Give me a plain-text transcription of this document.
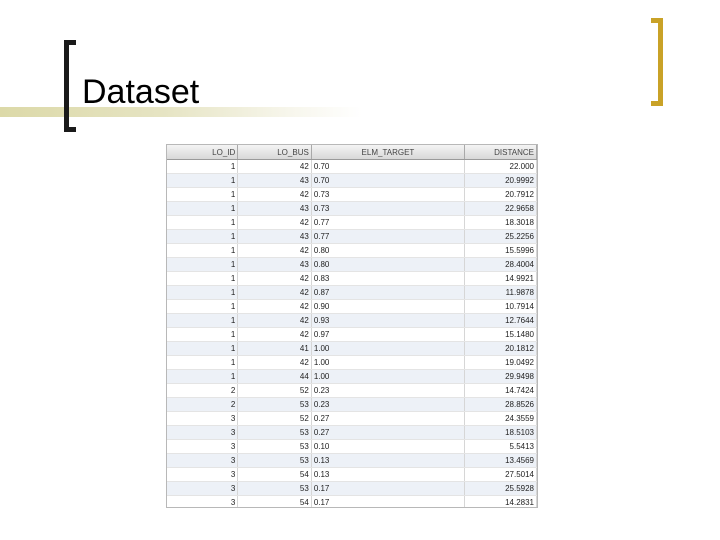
Dataset
LO_ID	LO_BUS	ELM_TARGET	DISTANCE
1	42	0.70	22.000
1	43	0.70	20.9992
1	42	0.73	20.7912
1	43	0.73	22.9658
1	42	0.77	18.3018
1	43	0.77	25.2256
1	42	0.80	15.5996
1	43	0.80	28.4004
1	42	0.83	14.9921
1	42	0.87	11.9878
1	42	0.90	10.7914
1	42	0.93	12.7644
1	42	0.97	15.1480
1	41	1.00	20.1812
1	42	1.00	19.0492
1	44	1.00	29.9498
2	52	0.23	14.7424
2	53	0.23	28.8526
3	52	0.27	24.3559
3	53	0.27	18.5103
3	53	0.10	5.5413
3	53	0.13	13.4569
3	54	0.13	27.5014
3	53	0.17	25.5928
3	54	0.17	14.2831
